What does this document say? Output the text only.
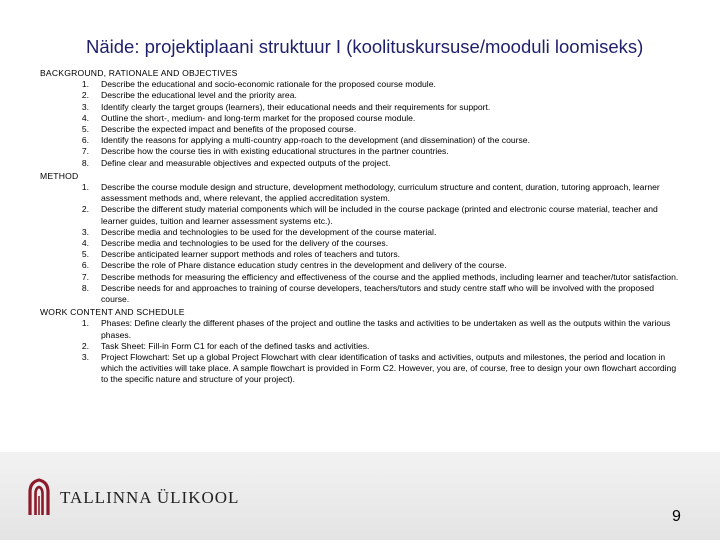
Näide: projektiplaani struktuur I (koolituskursuse/mooduli loomiseks)
BACKGROUND, RATIONALE AND OBJECTIVES
1. Describe the educational and socio-economic rationale for the proposed course module.
2. Describe the educational level and the priority area.
3. Identify clearly the target groups (learners), their educational needs and their requirements for support.
4. Outline the short-, medium- and long-term market for the proposed course module.
5. Describe the expected impact and benefits of the proposed course.
6. Identify the reasons for applying a multi-country app-roach to the development (and dissemination) of the course.
7. Describe how the course ties in with existing educational structures in the partner countries.
8. Define clear and measurable objectives and expected outputs of the project.
METHOD
1. Describe the course module design and structure, development methodology, curriculum structure and content, duration, tutoring approach, learner assessment methods and, where relevant, the applied accreditation system.
2. Describe the different study material components which will be included in the course package (printed and electronic course material, teacher and learner guides, tuition and learner assessment systems etc.).
3. Describe media and technologies to be used for the development of the course material.
4. Describe media and technologies to be used for the delivery of the courses.
5. Describe anticipated learner support methods and roles of teachers and tutors.
6. Describe the role of Phare distance education study centres in the development and delivery of the course.
7. Describe methods for measuring the efficiency and effectiveness of the course and the applied methods, including learner and teacher/tutor satisfaction.
8. Describe needs for and approaches to training of course developers, teachers/tutors and study centre staff who will be involved with the proposed course.
WORK CONTENT AND SCHEDULE
1. Phases: Define clearly the different phases of the project and outline the tasks and activities to be undertaken as well as the outputs within the various phases.
2. Task Sheet: Fill-in Form C1 for each of the defined tasks and activities.
3. Project Flowchart: Set up a global Project Flowchart with clear identification of tasks and activities, outputs and milestones, the period and location in which the activities will take place. A sample flowchart is provided in Form C2. However, you are, of course, free to design your own flowchart according to the specific nature and structure of your project).
TALLINNA ÜLIKOOL
9
